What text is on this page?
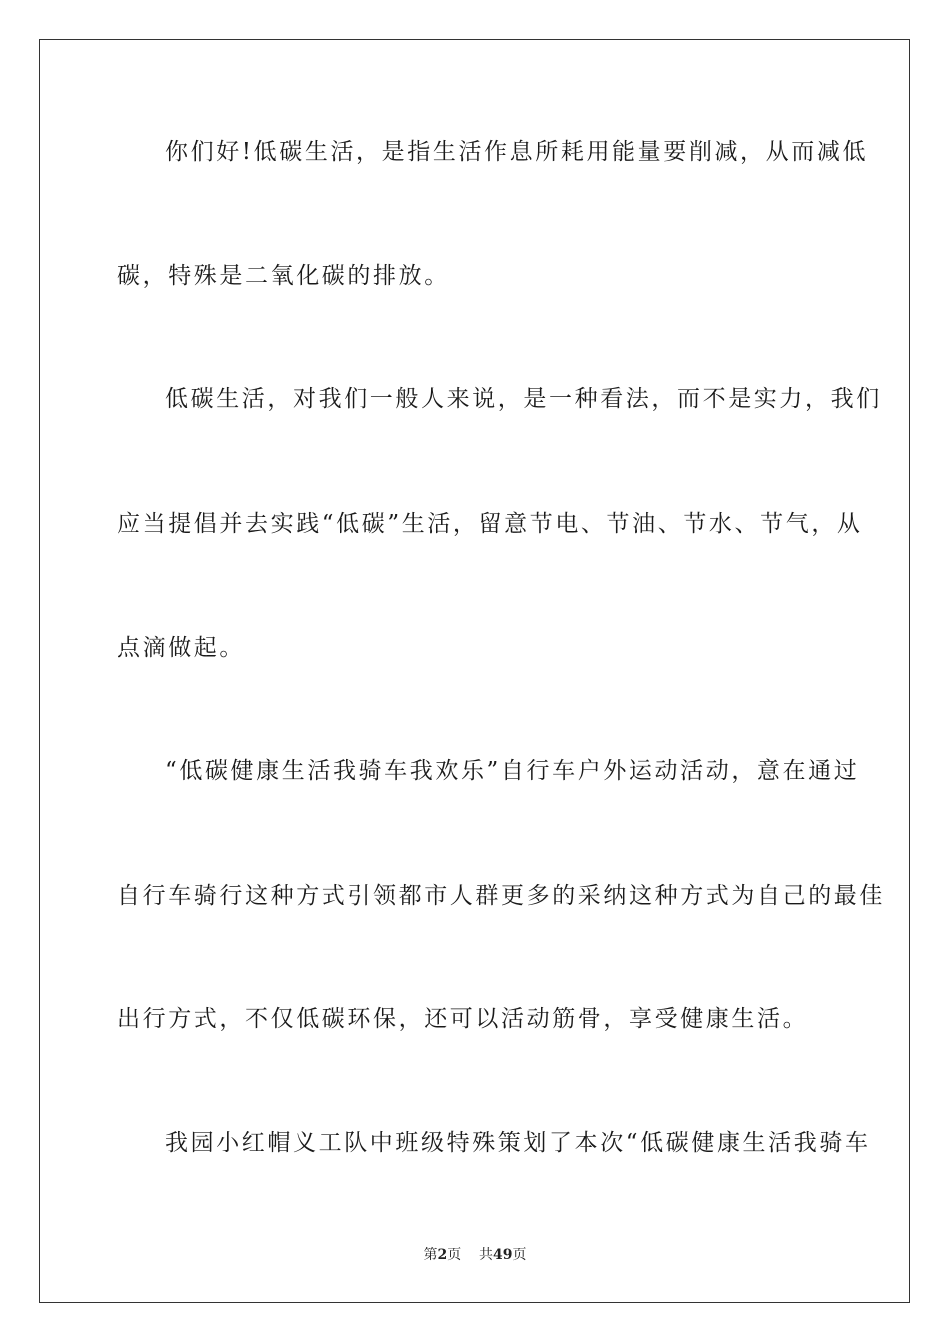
你们好!低碳生活，是指生活作息所耗用能量要削减，从而减低
碳，特殊是二氧化碳的排放。
低碳生活，对我们一般人来说，是一种看法，而不是实力，我们
应当提倡并去实践“低碳”生活，留意节电、节油、节水、节气，从
点滴做起。
“低碳健康生活我骑车我欢乐”自行车户外运动活动，意在通过
自行车骑行这种方式引领都市人群更多的采纳这种方式为自己的最佳
出行方式，不仅低碳环保，还可以活动筋骨，享受健康生活。
我园小红帽义工队中班级特殊策划了本次“低碳健康生活我骑车
第2页 共49页
